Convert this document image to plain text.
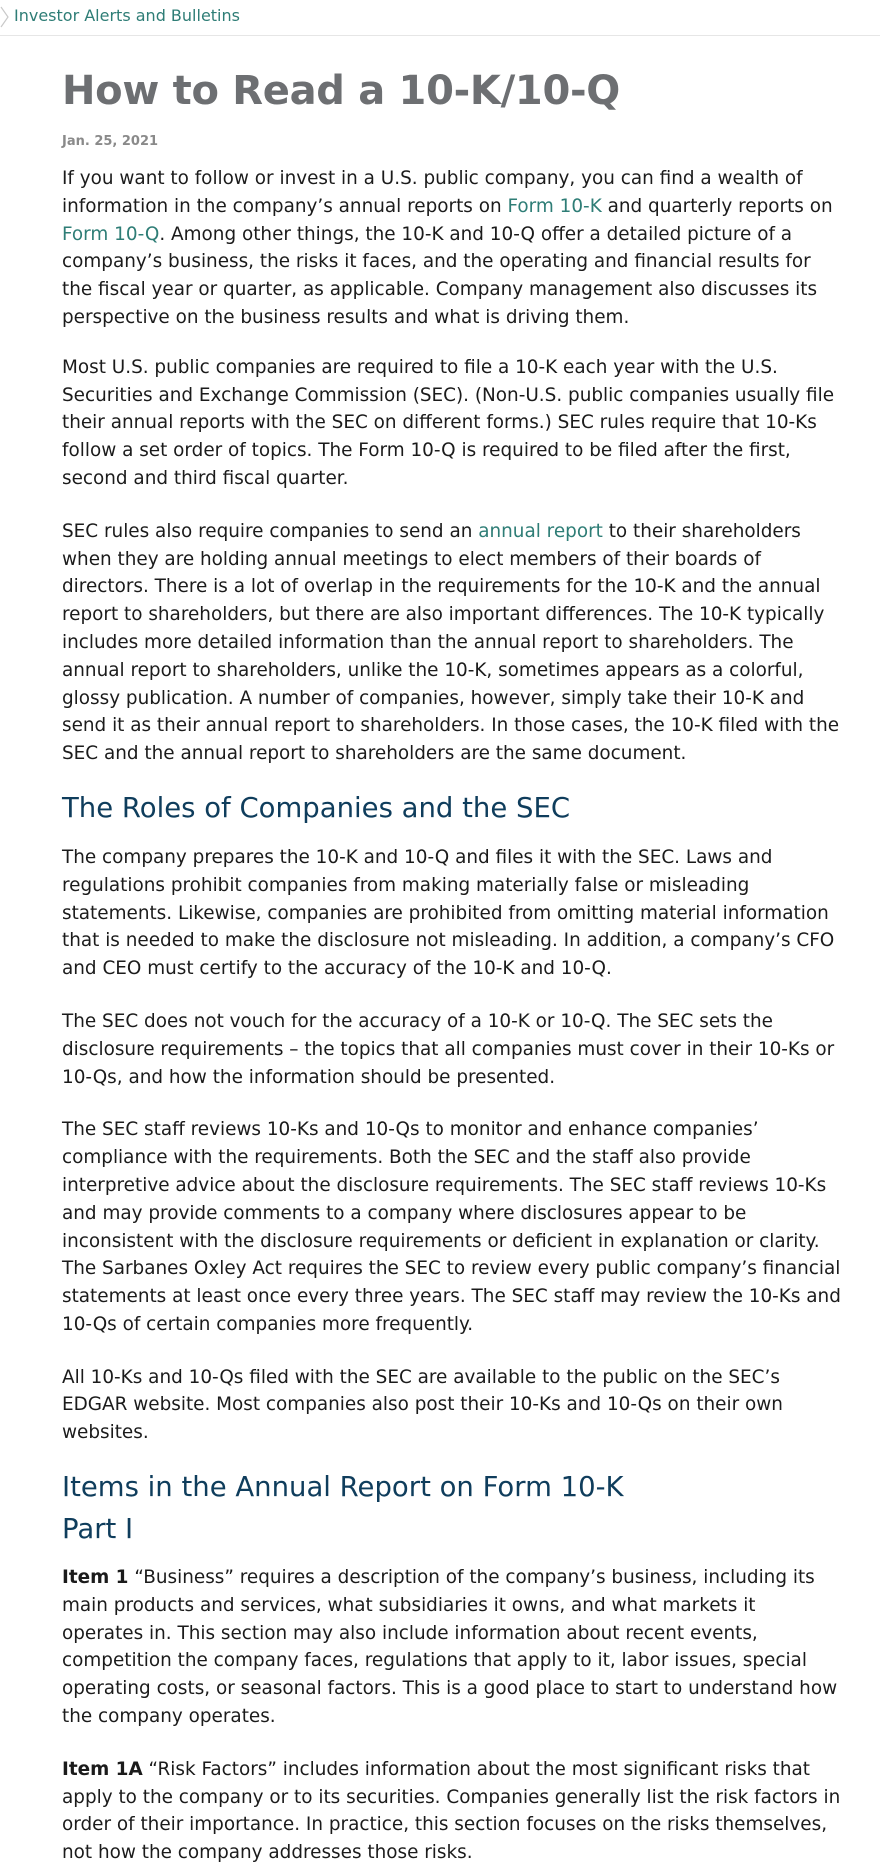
Investor Alerts and Bulletins
How to Read a 10-K/10-Q
Jan. 25, 2021

If you want to follow or invest in a U.S. public company, you can find a wealth of information in the company’s annual reports on Form 10-K and quarterly reports on Form 10-Q. Among other things, the 10-K and 10-Q offer a detailed picture of a company’s business, the risks it faces, and the operating and financial results for the fiscal year or quarter, as applicable. Company management also discusses its perspective on the business results and what is driving them.

Most U.S. public companies are required to file a 10-K each year with the U.S. Securities and Exchange Commission (SEC). (Non-U.S. public companies usually file their annual reports with the SEC on different forms.) SEC rules require that 10-Ks follow a set order of topics. The Form 10-Q is required to be filed after the first, second and third fiscal quarter.

SEC rules also require companies to send an annual report to their shareholders when they are holding annual meetings to elect members of their boards of directors. There is a lot of overlap in the requirements for the 10-K and the annual report to shareholders, but there are also important differences. The 10-K typically includes more detailed information than the annual report to shareholders. The annual report to shareholders, unlike the 10-K, sometimes appears as a colorful, glossy publication. A number of companies, however, simply take their 10-K and send it as their annual report to shareholders. In those cases, the 10-K filed with the SEC and the annual report to shareholders are the same document.

The Roles of Companies and the SEC

The company prepares the 10-K and 10-Q and files it with the SEC. Laws and regulations prohibit companies from making materially false or misleading statements. Likewise, companies are prohibited from omitting material information that is needed to make the disclosure not misleading. In addition, a company’s CFO and CEO must certify to the accuracy of the 10-K and 10-Q.

The SEC does not vouch for the accuracy of a 10-K or 10-Q. The SEC sets the disclosure requirements – the topics that all companies must cover in their 10-Ks or 10-Qs, and how the information should be presented.

The SEC staff reviews 10-Ks and 10-Qs to monitor and enhance companies’ compliance with the requirements. Both the SEC and the staff also provide interpretive advice about the disclosure requirements. The SEC staff reviews 10-Ks and may provide comments to a company where disclosures appear to be inconsistent with the disclosure requirements or deficient in explanation or clarity. The Sarbanes Oxley Act requires the SEC to review every public company’s financial statements at least once every three years. The SEC staff may review the 10-Ks and 10-Qs of certain companies more frequently.

All 10-Ks and 10-Qs filed with the SEC are available to the public on the SEC’s EDGAR website. Most companies also post their 10-Ks and 10-Qs on their own websites.

Items in the Annual Report on Form 10-K
Part I

Item 1 “Business” requires a description of the company’s business, including its main products and services, what subsidiaries it owns, and what markets it operates in. This section may also include information about recent events, competition the company faces, regulations that apply to it, labor issues, special operating costs, or seasonal factors. This is a good place to start to understand how the company operates.

Item 1A “Risk Factors” includes information about the most significant risks that apply to the company or to its securities. Companies generally list the risk factors in order of their importance. In practice, this section focuses on the risks themselves, not how the company addresses those risks.
